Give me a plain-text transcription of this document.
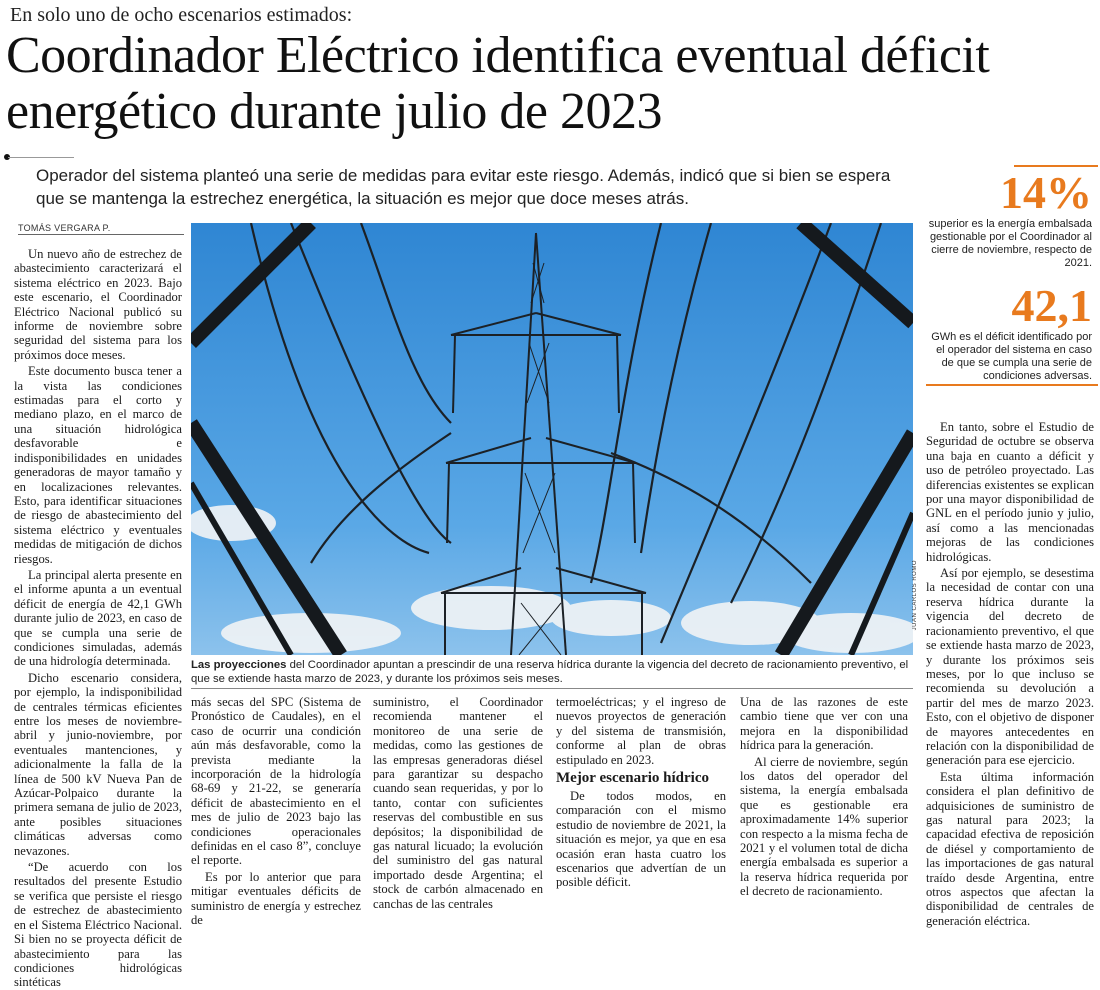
En solo uno de ocho escenarios estimados:
Coordinador Eléctrico identifica eventual déficit energético durante julio de 2023

Operador del sistema planteó una serie de medidas para evitar este riesgo. Además, indicó que si bien se espera que se mantenga la estrechez energética, la situación es mejor que doce meses atrás.

TOMÁS VERGARA P.

Un nuevo año de estrechez de abastecimiento caracterizará el sistema eléctrico en 2023. Bajo este escenario, el Coordinador Eléctrico Nacional publicó su informe de noviembre sobre seguridad del sistema para los próximos doce meses.

Este documento busca tener a la vista las condiciones estimadas para el corto y mediano plazo, en el marco de una situación hidrológica desfavorable e indisponibilidades en unidades generadoras de mayor tamaño y en localizaciones relevantes. Esto, para identificar situaciones de riesgo de abastecimiento del sistema eléctrico y eventuales medidas de mitigación de dichos riesgos.

La principal alerta presente en el informe apunta a un eventual déficit de energía de 42,1 GWh durante julio de 2023, en caso de que se cumpla una serie de condiciones simuladas, además de una hidrología determinada.

Dicho escenario considera, por ejemplo, la indisponibilidad de centrales térmicas eficientes entre los meses de noviembre-abril y junio-noviembre, por eventuales mantenciones, y adicionalmente la falla de la línea de 500 kV Nueva Pan de Azúcar-Polpaico durante la primera semana de julio de 2023, ante posibles situaciones climáticas adversas como nevazones.

“De acuerdo con los resultados del presente Estudio se verifica que persiste el riesgo de estrechez de abastecimiento en el Sistema Eléctrico Nacional. Si bien no se proyecta déficit de abastecimiento para las condiciones hidrológicas sintéticas

JUAN CARLOS ROMO
Las proyecciones del Coordinador apuntan a prescindir de una reserva hídrica durante la vigencia del decreto de racionamiento preventivo, el que se extiende hasta marzo de 2023, y durante los próximos seis meses.

más secas del SPC (Sistema de Pronóstico de Caudales), en el caso de ocurrir una condición aún más desfavorable, como la prevista mediante la incorporación de la hidrología 68-69 y 21-22, se generaría déficit de abastecimiento en el mes de julio de 2023 bajo las condiciones operacionales definidas en el caso 8”, concluye el reporte.

Es por lo anterior que para mitigar eventuales déficits de suministro de energía y estrechez de

suministro, el Coordinador recomienda mantener el monitoreo de una serie de medidas, como las gestiones de las empresas generadoras diésel para garantizar su despacho cuando sean requeridas, y por lo tanto, contar con suficientes reservas del combustible en sus depósitos; la disponibilidad de gas natural licuado; la evolución del suministro del gas natural importado desde Argentina; el stock de carbón almacenado en canchas de las centrales

termoeléctricas; y el ingreso de nuevos proyectos de generación y del sistema de transmisión, conforme al plan de obras estipulado en 2023.

Mejor escenario hídrico

De todos modos, en comparación con el mismo estudio de noviembre de 2021, la situación es mejor, ya que en esa ocasión eran hasta cuatro los escenarios que advertían de un posible déficit.

Una de las razones de este cambio tiene que ver con una mejora en la disponibilidad hídrica para la generación.

Al cierre de noviembre, según los datos del operador del sistema, la energía embalsada que es gestionable era aproximadamente 14% superior con respecto a la misma fecha de 2021 y el volumen total de dicha energía embalsada es superior a la reserva hídrica requerida por el decreto de racionamiento.

14%
superior es la energía embalsada gestionable por el Coordinador al cierre de noviembre, respecto de 2021.
42,1
GWh es el déficit identificado por el operador del sistema en caso de que se cumpla una serie de condiciones adversas.

En tanto, sobre el Estudio de Seguridad de octubre se observa una baja en cuanto a déficit y uso de petróleo proyectado. Las diferencias existentes se explican por una mayor disponibilidad de GNL en el período junio y julio, así como a las mencionadas mejoras de las condiciones hidrológicas.

Así por ejemplo, se desestima la necesidad de contar con una reserva hídrica durante la vigencia del decreto de racionamiento preventivo, el que se extiende hasta marzo de 2023, y durante los próximos seis meses, por lo que incluso se recomienda su devolución a partir del mes de marzo 2023. Esto, con el objetivo de disponer de mayores antecedentes en relación con la disponibilidad de generación para ese ejercicio.

Esta última información considera el plan definitivo de adquisiciones de suministro de gas natural para 2023; la capacidad efectiva de reposición de diésel y comportamiento de las importaciones de gas natural traído desde Argentina, entre otros aspectos que afectan la disponibilidad de centrales de generación eléctrica.
